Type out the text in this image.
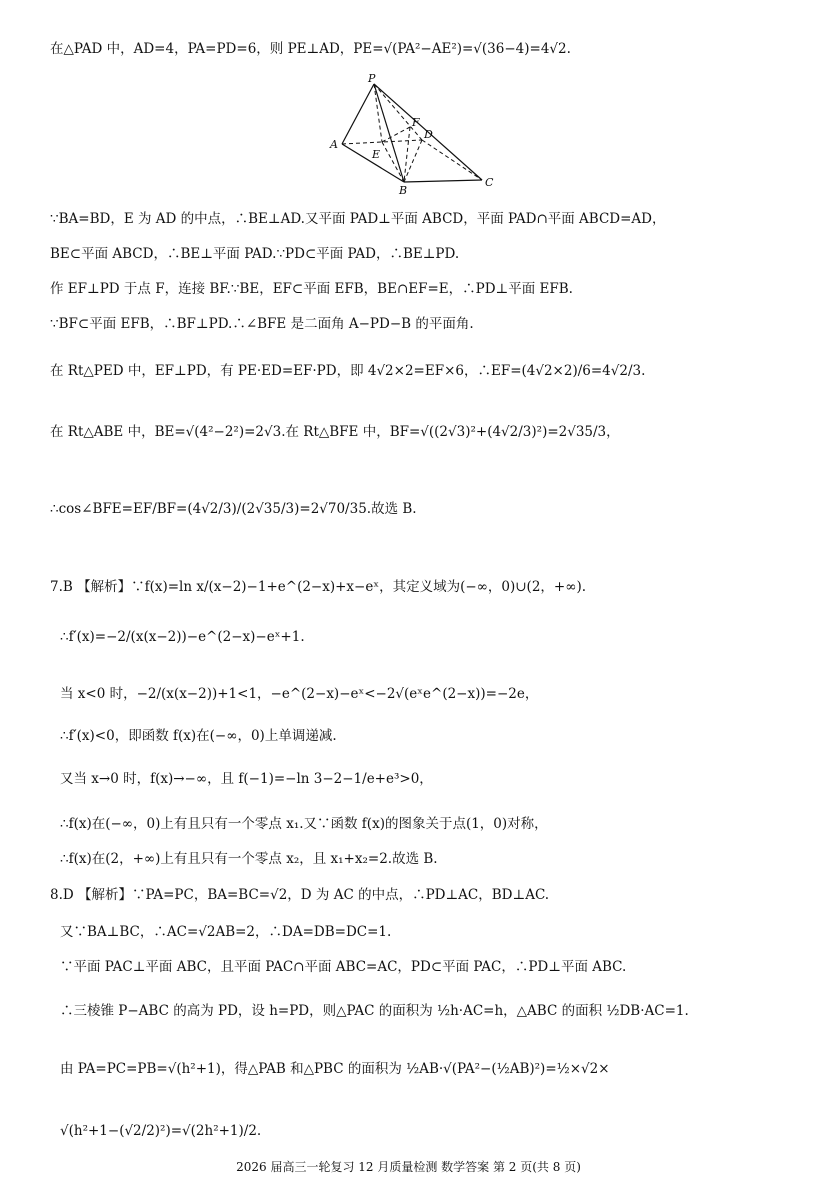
在△PAD 中，AD=4，PA=PD=6，则 PE⊥AD，PE=√(PA²−AE²)=√(36−4)=4√2.
∵BA=BD，E 为 AD 的中点，∴BE⊥AD.又平面 PAD⊥平面 ABCD，平面 PAD∩平面 ABCD=AD，
BE⊂平面 ABCD，∴BE⊥平面 PAD.∵PD⊂平面 PAD，∴BE⊥PD.
作 EF⊥PD 于点 F，连接 BF.∵BE，EF⊂平面 EFB，BE∩EF=E，∴PD⊥平面 EFB.
∵BF⊂平面 EFB，∴BF⊥PD.∴∠BFE 是二面角 A−PD−B 的平面角.
在 Rt△PED 中，EF⊥PD，有 PE·ED=EF·PD，即 4√2×2=EF×6，∴EF=(4√2×2)/6=4√2/3.
在 Rt△ABE 中，BE=√(4²−2²)=2√3.在 Rt△BFE 中，BF=√((2√3)²+(4√2/3)²)=2√35/3，
∴cos∠BFE=EF/BF=(4√2/3)/(2√35/3)=2√70/35.故选 B.
7.B 【解析】∵f(x)=ln x/(x−2)−1+e^(2−x)+x−eˣ，其定义域为(−∞，0)∪(2，+∞).
∴f′(x)=−2/(x(x−2))−e^(2−x)−eˣ+1.
当 x<0 时，−2/(x(x−2))+1<1，−e^(2−x)−eˣ<−2√(eˣe^(2−x))=−2e，
∴f′(x)<0，即函数 f(x)在(−∞，0)上单调递减.
又当 x→0 时，f(x)→−∞，且 f(−1)=−ln 3−2−1/e+e³>0，
∴f(x)在(−∞，0)上有且只有一个零点 x₁.又∵函数 f(x)的图象关于点(1，0)对称，
∴f(x)在(2，+∞)上有且只有一个零点 x₂，且 x₁+x₂=2.故选 B.
8.D 【解析】∵PA=PC，BA=BC=√2，D 为 AC 的中点，∴PD⊥AC，BD⊥AC.
又∵BA⊥BC，∴AC=√2AB=2，∴DA=DB=DC=1.
∵平面 PAC⊥平面 ABC，且平面 PAC∩平面 ABC=AC，PD⊂平面 PAC，∴PD⊥平面 ABC.
∴三棱锥 P−ABC 的高为 PD，设 h=PD，则△PAC 的面积为 ½h·AC=h，△ABC 的面积 ½DB·AC=1.
由 PA=PC=PB=√(h²+1)，得△PAB 和△PBC 的面积为 ½AB·√(PA²−(½AB)²)=½×√2×
√(h²+1−(√2/2)²)=√(2h²+1)/2.
P
A
B
C
D
E
F
2026 届高三一轮复习 12 月质量检测 数学答案 第 2 页(共 8 页)
